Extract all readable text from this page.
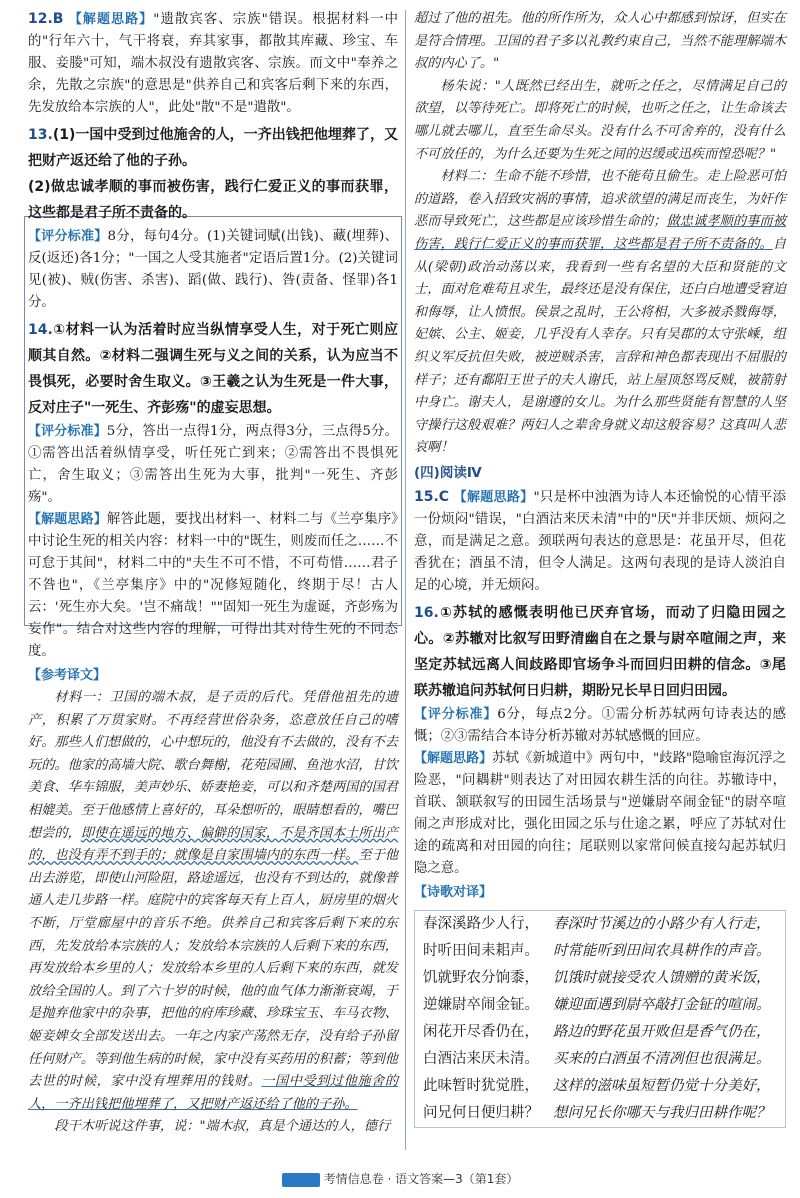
12.B 【解题思路】"遗散宾客、宗族"错误。根据材料一中的"行年六十，气干将衰，弃其家事，都散其库藏、珍宝、车服、妾媵"可知，端木叔没有遗散宾客、宗族。而文中"奉养之余，先散之宗族"的意思是"供养自己和宾客后剩下来的东西，先发放给本宗族的人"，此处"散"不是"遣散"。

13.(1)一国中受到过他施舍的人，一齐出钱把他埋葬了，又把财产返还给了他的子孙。

(2)做忠诚孝顺的事而被伤害，践行仁爱正义的事而获罪，这些都是君子所不责备的。

【评分标准】8分，每句4分。(1)关键词赋(出钱)、藏(埋葬)、反(返还)各1分；"一国之人受其施者"定语后置1分。(2)关键词见(被)、贼(伤害、杀害)、蹈(做、践行)、咎(责备、怪罪)各1分。

14.①材料一认为活着时应当纵情享受人生，对于死亡则应顺其自然。②材料二强调生死与义之间的关系，认为应当不畏惧死，必要时舍生取义。③王羲之认为生死是一件大事，反对庄子"一死生、齐彭殇"的虚妄思想。

【评分标准】5分，答出一点得1分，两点得3分，三点得5分。①需答出活着纵情享受，听任死亡到来；②需答出不畏惧死亡，舍生取义；③需答出生死为大事，批判"一死生、齐彭殇"。

【解题思路】解答此题，要找出材料一、材料二与《兰亭集序》中讨论生死的相关内容：材料一中的"既生，则废而任之……不可怠于其间"，材料二中的"夫生不可不惜，不可苟惜……君子不咎也"，《兰亭集序》中的"况修短随化，终期于尽！古人云：'死生亦大矣。'岂不痛哉！""固知一死生为虚诞，齐彭殇为妄作"。结合对这些内容的理解，可得出其对待生死的不同态度。

【参考译文】

材料一：卫国的端木叔，是子贡的后代。凭借他祖先的遗产，积累了万贯家财。不再经营世俗杂务，恣意放任自己的嗜好。那些人们想做的，心中想玩的，他没有不去做的，没有不去玩的。他家的高墙大院、歌台舞榭，花苑园圃、鱼池水沼，甘饮美食、华车锦服，美声妙乐、娇妻艳妾，可以和齐楚两国的国君相媲美。至于他感情上喜好的，耳朵想听的，眼睛想看的，嘴巴想尝的，即使在遥远的地方、偏僻的国家，不是齐国本土所出产的，也没有弄不到手的；就像是自家围墙内的东西一样。至于他出去游览，即使山河险阻，路途遥远，也没有不到达的，就像普通人走几步路一样。庭院中的宾客每天有上百人，厨房里的烟火不断，厅堂廊屋中的音乐不绝。供养自己和宾客后剩下来的东西，先发放给本宗族的人；发放给本宗族的人后剩下来的东西，再发放给本乡里的人；发放给本乡里的人后剩下来的东西，就发放给全国的人。到了六十岁的时候，他的血气体力渐渐衰竭，于是抛弃他家中的杂事，把他的府库珍藏、珍珠宝玉、车马衣物、姬妾婢女全部发送出去。一年之内家产荡然无存，没有给子孙留任何财产。等到他生病的时候，家中没有买药用的积蓄；等到他去世的时候，家中没有埋葬用的钱财。一国中受到过他施舍的人，一齐出钱把他埋葬了，又把财产返还给了他的子孙。

段干木听说这件事，说："端木叔，真是个通达的人，德行

超过了他的祖先。他的所作所为，众人心中都感到惊讶，但实在是符合情理。卫国的君子多以礼教约束自己，当然不能理解端木叔的内心了。"

杨朱说："人既然已经出生，就听之任之，尽情满足自己的欲望，以等待死亡。即将死亡的时候，也听之任之，让生命该去哪儿就去哪儿，直至生命尽头。没有什么不可舍弃的，没有什么不可放任的，为什么还要为生死之间的迟缓或迅疾而惶恐呢？"

材料二：生命不能不珍惜，也不能苟且偷生。走上险恶可怕的道路，卷入招致灾祸的事情，追求欲望的满足而丧生，为奸作恶而导致死亡，这些都是应该珍惜生命的；做忠诚孝顺的事而被伤害，践行仁爱正义的事而获罪，这些都是君子所不责备的。自从(梁朝)政治动荡以来，我看到一些有名望的大臣和贤能的文士，面对危难苟且求生，最终还是没有保住，还白白地遭受窘迫和侮辱，让人愤恨。侯景之乱时，王公将相，大多被杀戮侮辱，妃嫔、公主、姬妾，几乎没有人幸存。只有吴郡的太守张嵊，组织义军反抗但失败，被逆贼杀害，言辞和神色都表现出不屈服的样子；还有鄱阳王世子的夫人谢氏，站上屋顶怒骂反贼，被箭射中身亡。谢夫人，是谢遵的女儿。为什么那些贤能有智慧的人坚守操行这般艰难？两妇人之辈舍身就义却这般容易？这真叫人悲哀啊！

(四)阅读Ⅳ

15.C 【解题思路】"只是杯中浊酒为诗人本还愉悦的心情平添一份烦闷"错误，"白酒沽来厌未清"中的"厌"并非厌烦、烦闷之意，而是满足之意。颈联两句表达的意思是：花虽开尽，但花香犹在；酒虽不清，但令人满足。这两句表现的是诗人淡泊自足的心境，并无烦闷。

16.①苏轼的感慨表明他已厌弃官场，而动了归隐田园之心。②苏辙对比叙写田野清幽自在之景与尉卒喧闹之声，来坚定苏轼远离人间歧路即官场争斗而回归田耕的信念。③尾联苏辙追问苏轼何日归耕，期盼兄长早日回归田园。

【评分标准】6分，每点2分。①需分析苏轼两句诗表达的感慨；②③需结合本诗分析苏辙对苏轼感慨的回应。

【解题思路】苏轼《新城道中》两句中，"歧路"隐喻宦海沉浮之险恶，"问耦耕"则表达了对田园农耕生活的向往。苏辙诗中，首联、颔联叙写的田园生活场景与"逆嫌尉卒闹金钲"的尉卒喧闹之声形成对比，强化田园之乐与仕途之累，呼应了苏轼对仕途的疏离和对田园的向往；尾联则以家常问候直接勾起苏轼归隐之意。

【诗歌对译】

春深溪路少人行， 春深时节溪边的小路少有人行走，
时听田间耒耜声。 时常能听到田间农具耕作的声音。
饥就野农分饷黍， 饥饿时就接受农人馈赠的黄米饭，
逆嫌尉卒闹金钲。 嫌迎面遇到尉卒敲打金钲的喧闹。
闲花开尽香仍在， 路边的野花虽开败但是香气仍在，
白酒沽来厌未清。 买来的白酒虽不清冽但也很满足。
此味暂时犹觉胜， 这样的滋味虽短暂仍觉十分美好，
问兄何日便归耕？ 想问兄长你哪天与我归田耕作呢？
考情信息卷 · 语文答案—3（第1套）
